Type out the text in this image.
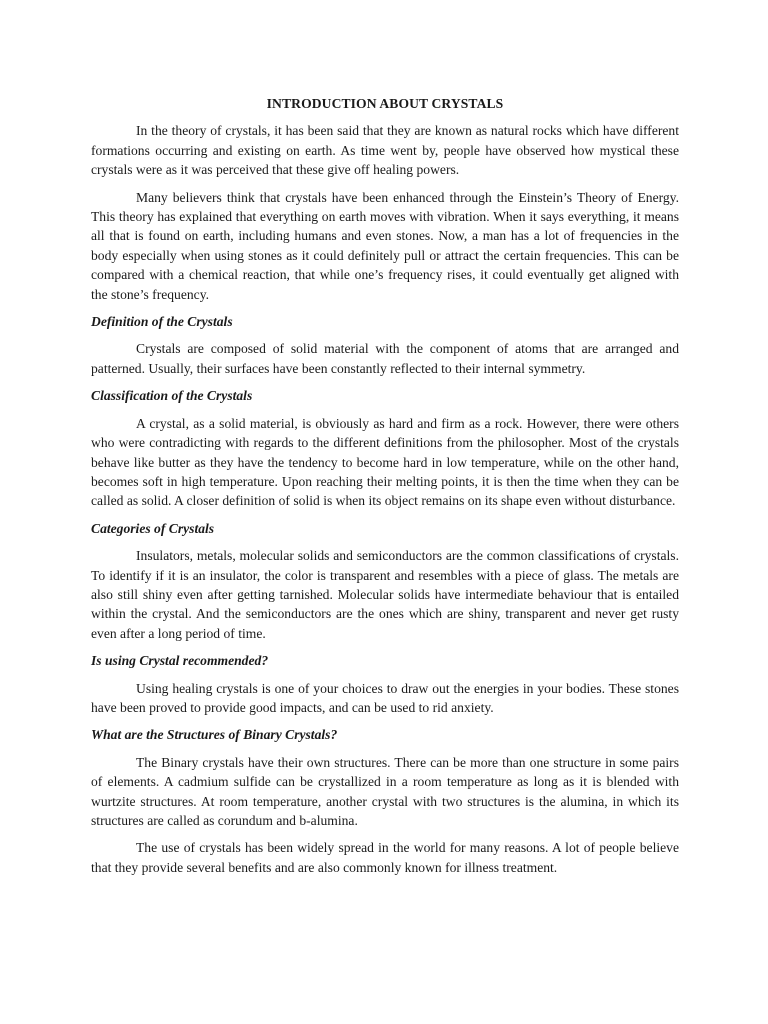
INTRODUCTION ABOUT CRYSTALS

In the theory of crystals, it has been said that they are known as natural rocks which have different formations occurring and existing on earth. As time went by, people have observed how mystical these crystals were as it was perceived that these give off healing powers.

Many believers think that crystals have been enhanced through the Einstein’s Theory of Energy. This theory has explained that everything on earth moves with vibration. When it says everything, it means all that is found on earth, including humans and even stones. Now, a man has a lot of frequencies in the body especially when using stones as it could definitely pull or attract the certain frequencies. This can be compared with a chemical reaction, that while one’s frequency rises, it could eventually get aligned with the stone’s frequency.

Definition of the Crystals

Crystals are composed of solid material with the component of atoms that are arranged and patterned. Usually, their surfaces have been constantly reflected to their internal symmetry.

Classification of the Crystals

A crystal, as a solid material, is obviously as hard and firm as a rock. However, there were others who were contradicting with regards to the different definitions from the philosopher. Most of the crystals behave like butter as they have the tendency to become hard in low temperature, while on the other hand, becomes soft in high temperature. Upon reaching their melting points, it is then the time when they can be called as solid. A closer definition of solid is when its object remains on its shape even without disturbance.

Categories of Crystals

Insulators, metals, molecular solids and semiconductors are the common classifications of crystals. To identify if it is an insulator, the color is transparent and resembles with a piece of glass. The metals are also still shiny even after getting tarnished. Molecular solids have intermediate behaviour that is entailed within the crystal. And the semiconductors are the ones which are shiny, transparent and never get rusty even after a long period of time.

Is using Crystal recommended?

Using healing crystals is one of your choices to draw out the energies in your bodies. These stones have been proved to provide good impacts, and can be used to rid anxiety.

What are the Structures of Binary Crystals?

The Binary crystals have their own structures. There can be more than one structure in some pairs of elements. A cadmium sulfide can be crystallized in a room temperature as long as it is blended with wurtzite structures. At room temperature, another crystal with two structures is the alumina, in which its structures are called as corundum and b-alumina.

The use of crystals has been widely spread in the world for many reasons. A lot of people believe that they provide several benefits and are also commonly known for illness treatment.
